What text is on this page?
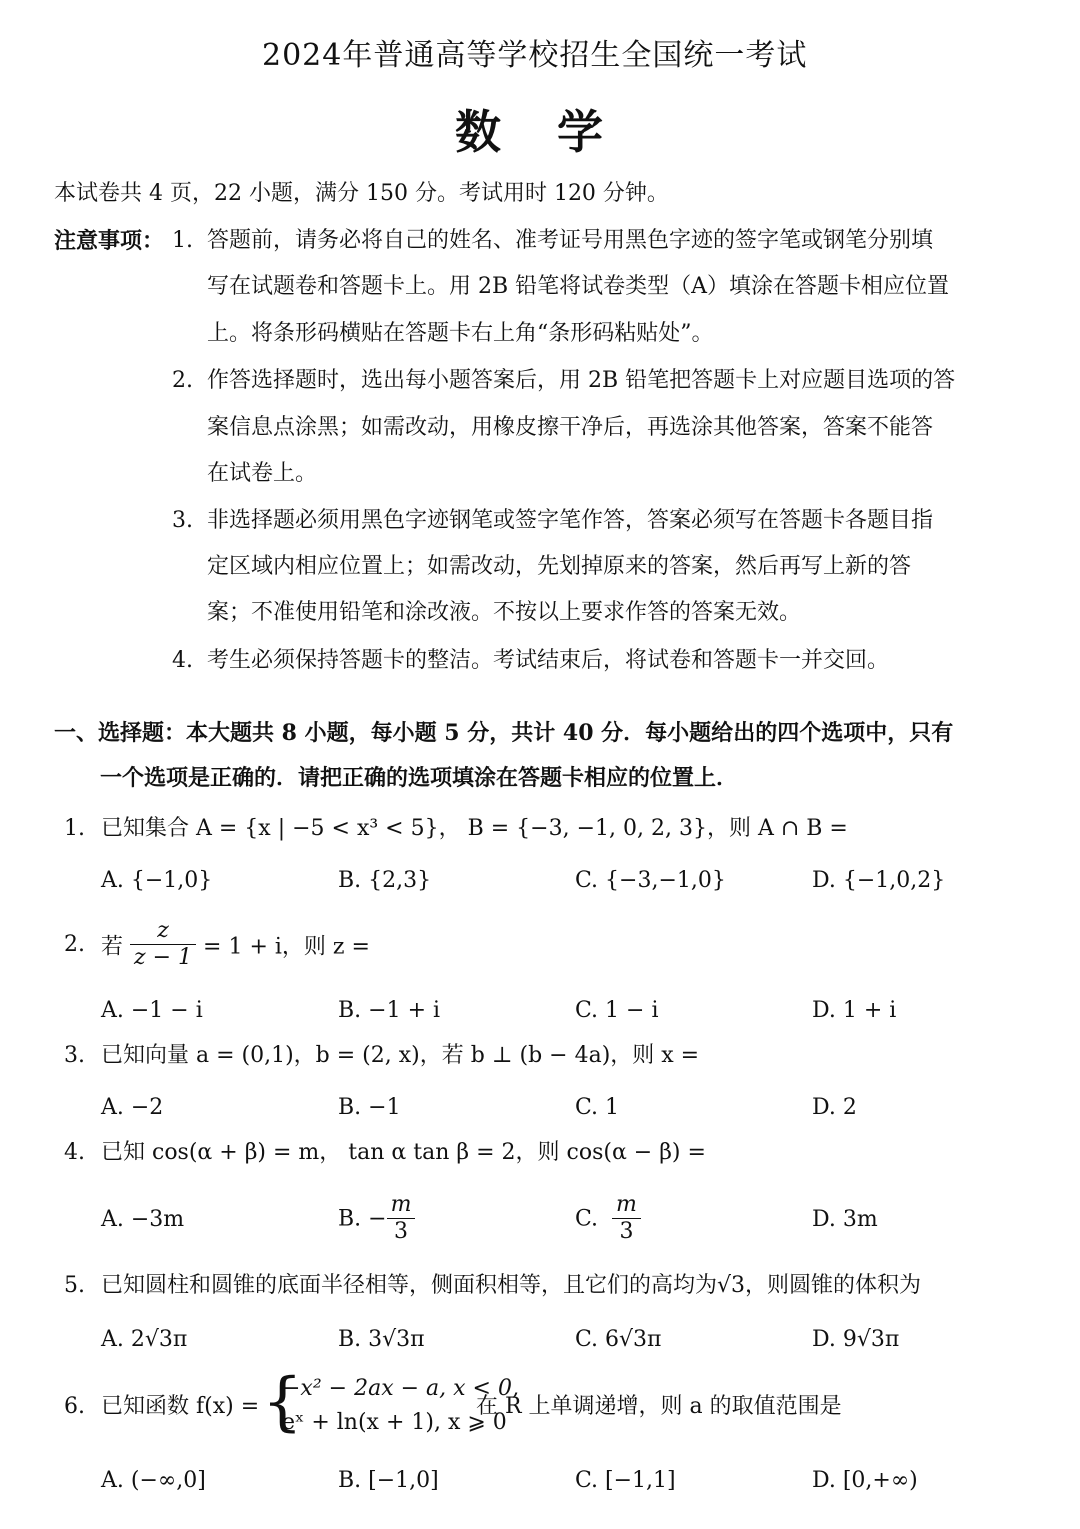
2024年普通高等学校招生全国统一考试
数   学
本试卷共 4 页，22 小题，满分 150 分。考试用时 120 分钟。
注意事项： 1. 答题前，请务必将自己的姓名、准考证号用黑色字迹的签字笔或钢笔分别填
写在试题卷和答题卡上。用 2B 铅笔将试卷类型（A）填涂在答题卡相应位置
上。将条形码横贴在答题卡右上角“条形码粘贴处”。
2. 作答选择题时，选出每小题答案后，用 2B 铅笔把答题卡上对应题目选项的答
案信息点涂黑；如需改动，用橡皮擦干净后，再选涂其他答案，答案不能答
在试卷上。
3. 非选择题必须用黑色字迹钢笔或签字笔作答，答案必须写在答题卡各题目指
定区域内相应位置上；如需改动，先划掉原来的答案，然后再写上新的答
案；不准使用铅笔和涂改液。不按以上要求作答的答案无效。
4. 考生必须保持答题卡的整洁。考试结束后，将试卷和答题卡一并交回。
一、选择题：本大题共 8 小题，每小题 5 分，共计 40 分．每小题给出的四个选项中，只有
一个选项是正确的．请把正确的选项填涂在答题卡相应的位置上．
1. 已知集合 A = {x | −5 < x³ < 5}， B = {−3, −1, 0, 2, 3}，则 A ∩ B =
A. {−1,0}	B. {2,3}	C. {−3,−1,0}	D. {−1,0,2}
2. 若 $\frac{z}{z - 1} = 1 + i$，则 z =
A. −1 − i	B. −1 + i	C. 1 − i	D. 1 + i
3. 已知向量 a = (0,1)，b = (2, x)，若 b ⊥ (b − 4a)，则 x =
A. −2	B. −1	C. 1	D. 2
4. 已知 cos(α + β) = m， tan α tan β = 2，则 cos(α − β) =
A. −3m	B. − $\frac{m}{3}$	C. $\frac{m}{3}$	D. 3m
5. 已知圆柱和圆锥的底面半径相等，侧面积相等，且它们的高均为√3，则圆锥的体积为
A. 2√3π	B. 3√3π	C. 6√3π	D. 9√3π
6. 已知函数 f(x) = {
−x² − 2ax − a, x < 0,
eˣ + ln(x + 1), x ⩾ 0
在 R 上单调递增，则 a 的取值范围是
A. (−∞,0]	B. [−1,0]	C. [−1,1]	D. [0,+∞)
